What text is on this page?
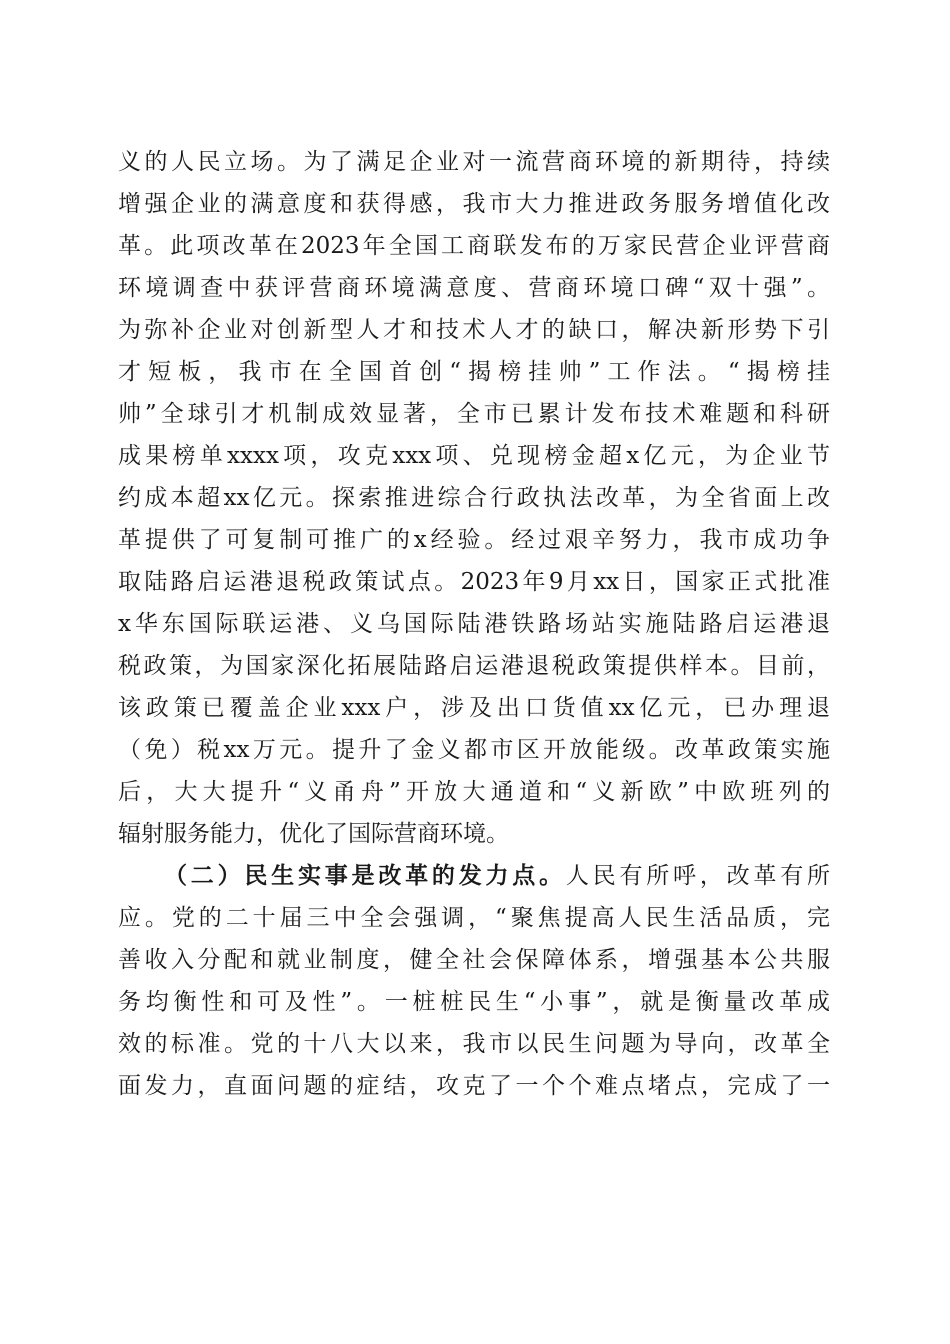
义的人民立场。为了满足企业对一流营商环境的新期待，持续
增强企业的满意度和获得感，我市大力推进政务服务增值化改
革。此项改革在2023年全国工商联发布的万家民营企业评营商
环境调查中获评营商环境满意度、营商环境口碑“双十强”。
为弥补企业对创新型人才和技术人才的缺口，解决新形势下引
才短板，我市在全国首创“揭榜挂帅”工作法。“揭榜挂
帅”全球引才机制成效显著，全市已累计发布技术难题和科研
成果榜单xxxx项，攻克xxx项、兑现榜金超x亿元，为企业节
约成本超xx亿元。探索推进综合行政执法改革，为全省面上改
革提供了可复制可推广的x经验。经过艰辛努力，我市成功争
取陆路启运港退税政策试点。2023年9月xx日，国家正式批准
x华东国际联运港、义乌国际陆港铁路场站实施陆路启运港退
税政策，为国家深化拓展陆路启运港退税政策提供样本。目前，
该政策已覆盖企业xxx户，涉及出口货值xx亿元，已办理退
（免）税xx万元。提升了金义都市区开放能级。改革政策实施
后，大大提升“义甬舟”开放大通道和“义新欧”中欧班列的
辐射服务能力，优化了国际营商环境。
（二）民生实事是改革的发力点。人民有所呼，改革有所
应。党的二十届三中全会强调，“聚焦提高人民生活品质，完
善收入分配和就业制度，健全社会保障体系，增强基本公共服
务均衡性和可及性”。一桩桩民生“小事”，就是衡量改革成
效的标准。党的十八大以来，我市以民生问题为导向，改革全
面发力，直面问题的症结，攻克了一个个难点堵点，完成了一
